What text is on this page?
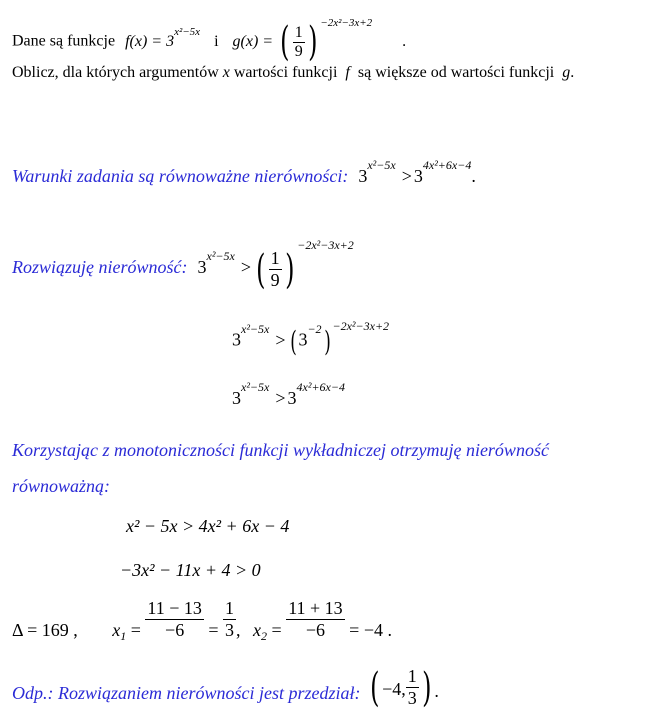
Dane są funkcje $f(x) = 3^{x^2-5x}$ i g(x) = ( $\frac{1}{9}$ ) $^{-2x^2-3x+2}$ .
Oblicz, dla których argumentów x wartości funkcji f są większe od wartości funkcji g.
Warunki zadania są równoważne nierówności: $3^{x^2-5x} > 3^{4x^2+6x-4}$.
Rozwiązuję nierówność: $3^{x^2-5x}$ > ( $\frac{1}{9} )^{-2x^2-3x+2}$
$3^{x^2-5x}$ > ( $3^{-2}$) $^{-2x^2-3x+2}$
$3^{x^2-5x} > 3^{4x^2+6x-4}$
Korzystając z monotoniczności funkcji wykładniczej otrzymuję nierówność
równoważną:
x² − 5x > 4x² + 6x − 4
−3x² − 11x + 4 > 0
Δ = 169 , $x_1 = \frac{11 - 13}{-6} = \frac{1}{3}$ , $x_2 = \frac{11 + 13}{-6} = -4$ .
Odp.: Rozwiązaniem nierówności jest przedział: ( −4, $\frac{1}{3}$ ) .
